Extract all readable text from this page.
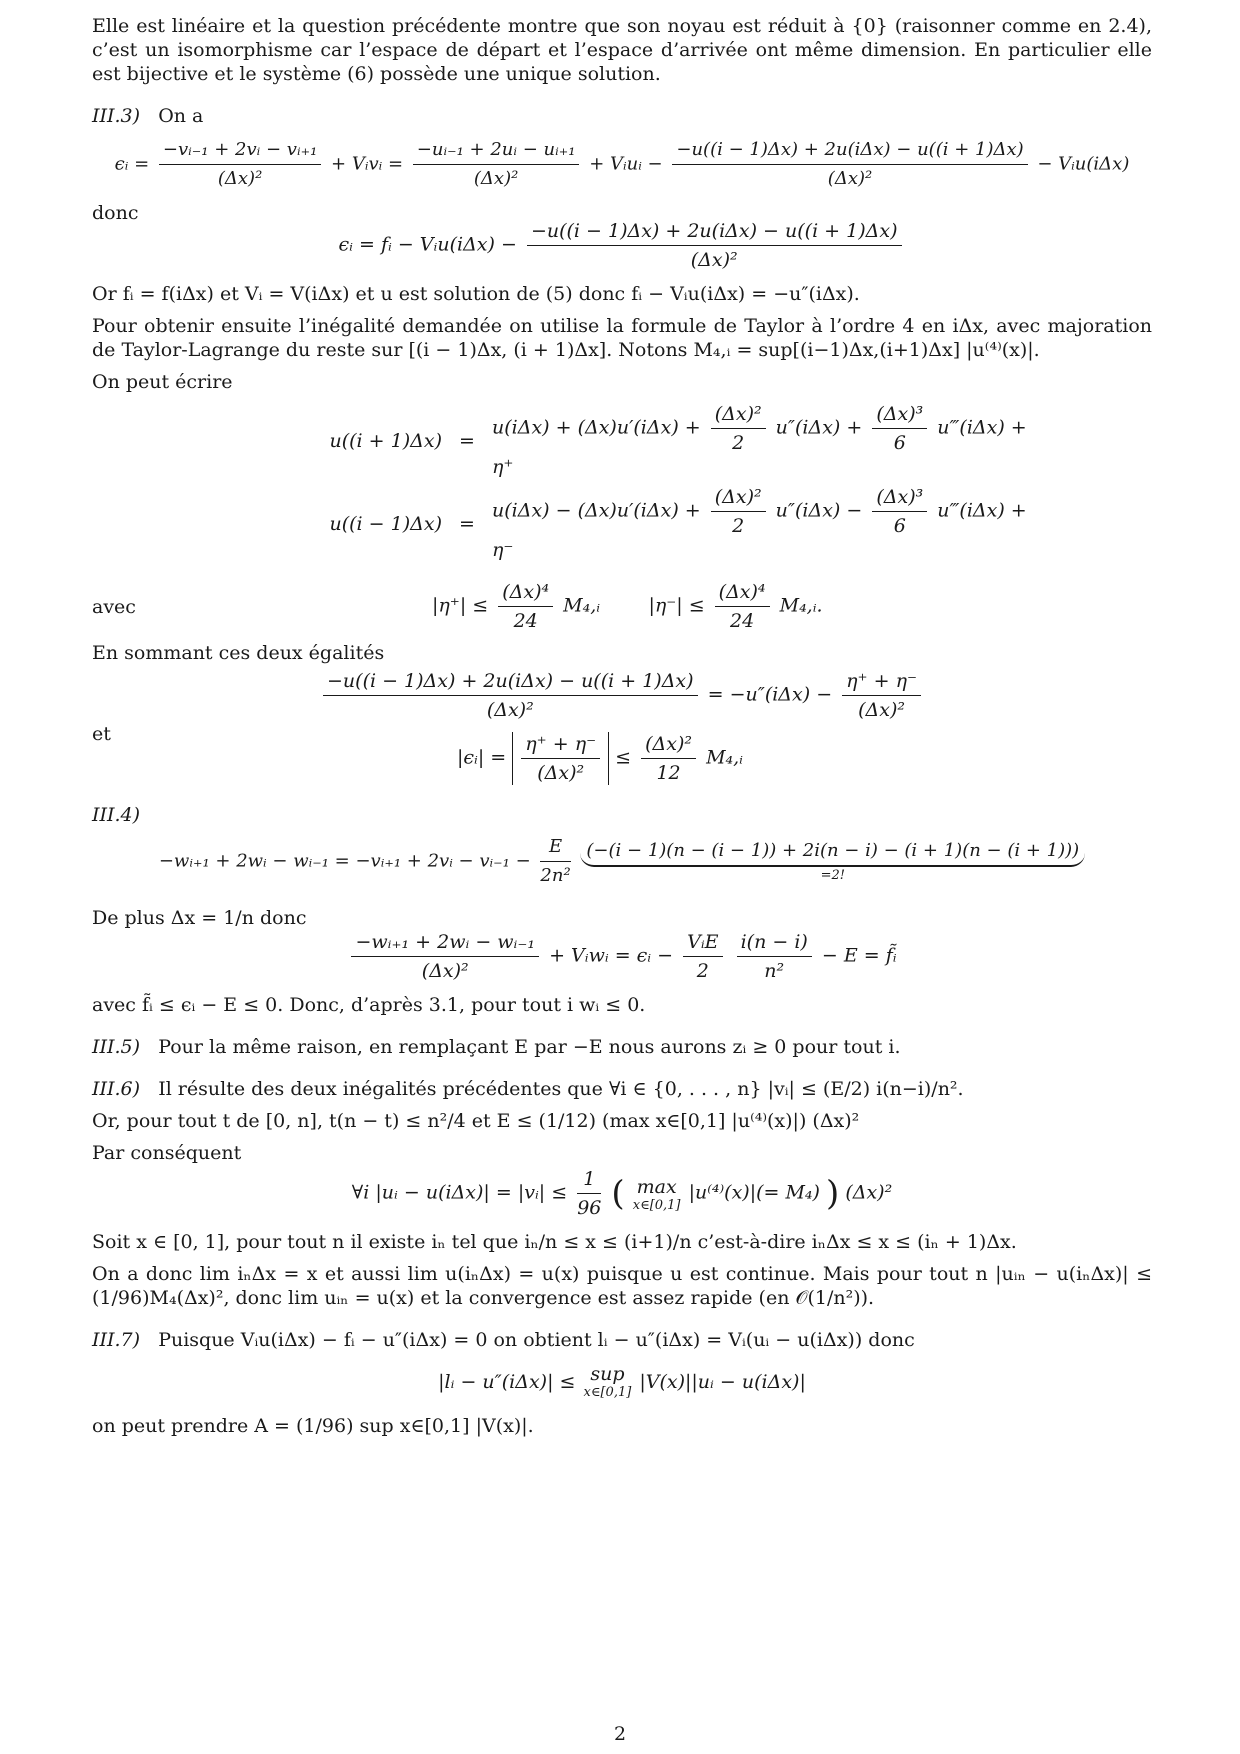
Elle est linéaire et la question précédente montre que son noyau est réduit à {0} (raisonner comme en 2.4), c’est un isomorphisme car l’espace de départ et l’espace d’arrivée ont même dimension. En particulier elle est bijective et le système (6) possède une unique solution.

III.3) On a

ϵᵢ = $\frac{\text{−vᵢ₋₁ + 2vᵢ − vᵢ₊₁}}{\text{(Δx)²}}$ + Vᵢvᵢ = $\frac{\text{−uᵢ₋₁ + 2uᵢ − uᵢ₊₁}}{\text{(Δx)²}}$ + Vᵢuᵢ − $\frac{\text{−u((i − 1)Δx) + 2u(iΔx) − u((i + 1)Δx)}}{\text{(Δx)²}}$ − Vᵢu(iΔx)

donc

ϵᵢ = fᵢ − Vᵢu(iΔx) − $\frac{\text{−u((i − 1)Δx) + 2u(iΔx) − u((i + 1)Δx)}}{\text{(Δx)²}}$

Or fᵢ = f(iΔx) et Vᵢ = V(iΔx) et u est solution de (5) donc fᵢ − Vᵢu(iΔx) = −u″(iΔx).

Pour obtenir ensuite l’inégalité demandée on utilise la formule de Taylor à l’ordre 4 en iΔx, avec majoration de Taylor-Lagrange du reste sur [(i − 1)Δx, (i + 1)Δx]. Notons M₄,ᵢ = sup[(i−1)Δx,(i+1)Δx] |u⁽⁴⁾(x)|.

On peut écrire

u((i + 1)Δx) =
$u(i\Delta x) + (\Delta x)u'(i\Delta x) + \frac{\text{(Δx)²}}{2} u''(i\Delta x) + \frac{\text{(Δx)³}}{6}$ u‴(iΔx) + η⁺
u((i − 1)Δx) =
$u(i\Delta x) - (\Delta x)u'(i\Delta x) + \frac{\text{(Δx)²}}{2} u''(i\Delta x) - \frac{\text{(Δx)³}}{6}$ u‴(iΔx) + η⁻
avec	$|\eta^+| \le \frac{\text{(Δx)⁴}}{24}$ M₄,ᵢ	$|\eta^-| \le \frac{\text{(Δx)⁴}}{24}$ M₄,ᵢ.

En sommant ces deux égalités

$\frac{\text{−u((i − 1)Δx) + 2u(iΔx) − u((i + 1)Δx)}}{\text{(Δx)²}} = -u''(i\Delta x) - \frac{\eta^+ + \eta^-}{\text{(Δx)²}}$
et
|ϵᵢ| = $\frac{\eta^+ + \eta^-}{\text{(Δx)²}} \le \frac{\text{(Δx)²}}{12}$ M₄,ᵢ

III.4)

−wᵢ₊₁ + 2wᵢ − wᵢ₋₁ = −vᵢ₊₁ + 2vᵢ − vᵢ₋₁ − $\frac{E}{\text{2n²}}$
(−(i − 1)(n − (i − 1)) + 2i(n − i) − (i + 1)(n − (i + 1)))
=2!

De plus Δx = 1/n donc

$\frac{\text{−wᵢ₊₁ + 2wᵢ − wᵢ₋₁}}{\text{(Δx)²}}$ + Vᵢwᵢ = ϵᵢ − $\frac{\text{VᵢE}}{2}$
$\frac{i(n - i)}{\text{n²}} - E$ = f̃ᵢ

avec f̃ᵢ ≤ ϵᵢ − E ≤ 0. Donc, d’après 3.1, pour tout i wᵢ ≤ 0.

III.5) Pour la même raison, en remplaçant E par −E nous aurons zᵢ ≥ 0 pour tout i.

III.6) Il résulte des deux inégalités précédentes que ∀i ∈ {0, . . . , n} |vᵢ| ≤ (E/2) i(n−i)/n².

Or, pour tout t de [0, n], t(n − t) ≤ n²/4 et E ≤ (1/12) (max x∈[0,1] |u⁽⁴⁾(x)|) (Δx)²

Par conséquent

∀i |uᵢ − u(iΔx)| = |vᵢ| ≤ $\frac{1}{96}$ ( max
x∈[0,1]
|u⁽⁴⁾(x)|(= M₄) ) (Δx)²

Soit x ∈ [0, 1], pour tout n il existe iₙ tel que iₙ/n ≤ x ≤ (i+1)/n c’est-à-dire iₙΔx ≤ x ≤ (iₙ + 1)Δx.

On a donc lim iₙΔx = x et aussi lim u(iₙΔx) = u(x) puisque u est continue. Mais pour tout n |uᵢₙ − u(iₙΔx)| ≤ (1/96)M₄(Δx)², donc lim uᵢₙ = u(x) et la convergence est assez rapide (en 𝒪(1/n²)).

III.7) Puisque Vᵢu(iΔx) − fᵢ − u″(iΔx) = 0 on obtient lᵢ − u″(iΔx) = Vᵢ(uᵢ − u(iΔx)) donc

|lᵢ − u″(iΔx)| ≤ sup
x∈[0,1] |V(x)||uᵢ − u(iΔx)|

on peut prendre A = (1/96) sup x∈[0,1] |V(x)|.

2
